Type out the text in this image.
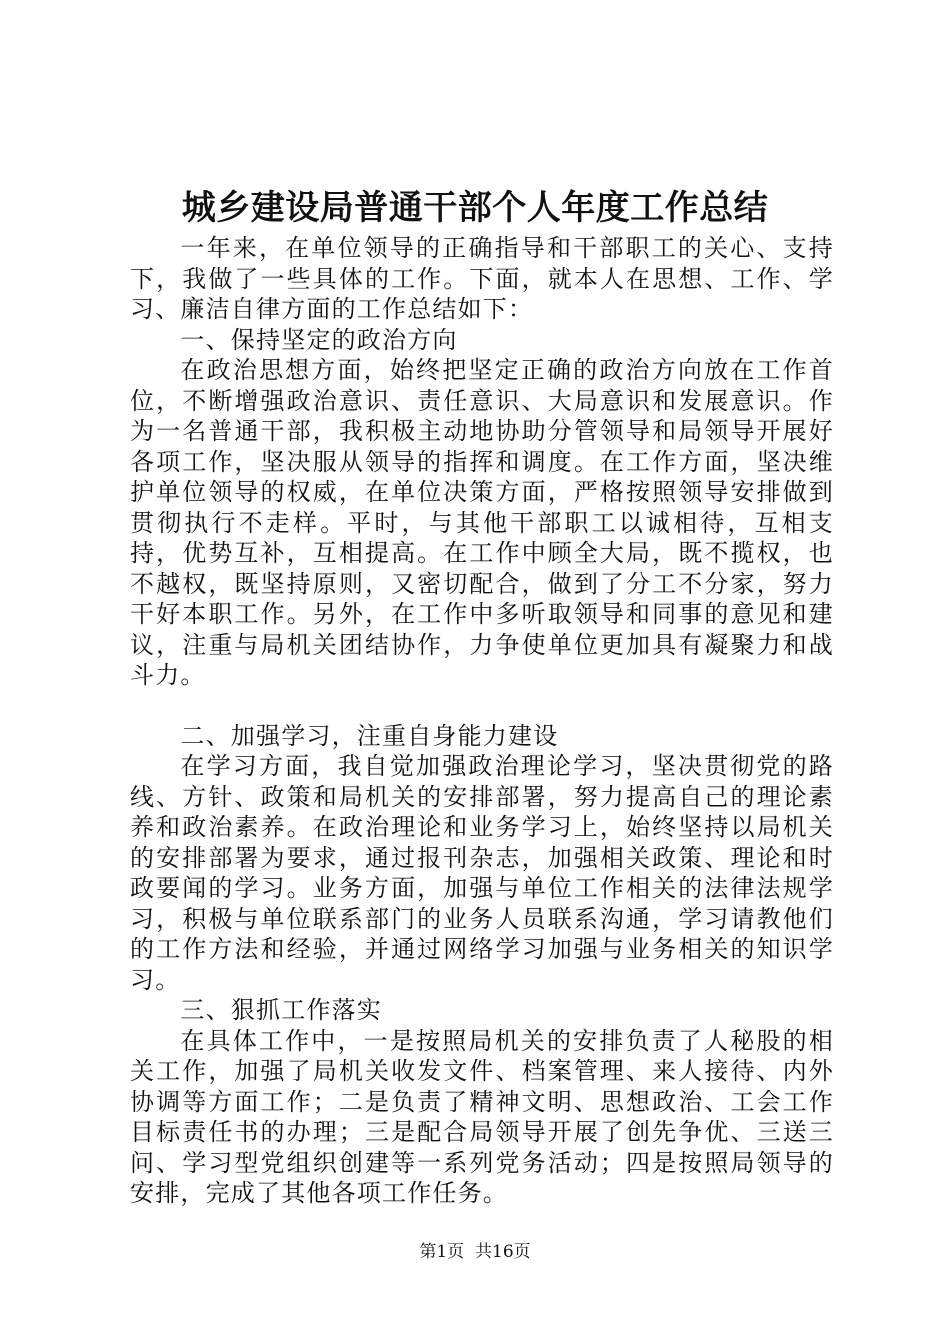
城乡建设局普通干部个人年度工作总结

一年来，在单位领导的正确指导和干部职工的关心、支持下，我做了一些具体的工作。下面，就本人在思想、工作、学习、廉洁自律方面的工作总结如下：

一、保持坚定的政治方向

在政治思想方面，始终把坚定正确的政治方向放在工作首位，不断增强政治意识、责任意识、大局意识和发展意识。作为一名普通干部，我积极主动地协助分管领导和局领导开展好各项工作，坚决服从领导的指挥和调度。在工作方面，坚决维护单位领导的权威，在单位决策方面，严格按照领导安排做到贯彻执行不走样。平时，与其他干部职工以诚相待，互相支持，优势互补，互相提高。在工作中顾全大局，既不揽权，也不越权，既坚持原则，又密切配合，做到了分工不分家，努力干好本职工作。另外，在工作中多听取领导和同事的意见和建议，注重与局机关团结协作，力争使单位更加具有凝聚力和战斗力。

二、加强学习，注重自身能力建设

在学习方面，我自觉加强政治理论学习，坚决贯彻党的路线、方针、政策和局机关的安排部署，努力提高自己的理论素养和政治素养。在政治理论和业务学习上，始终坚持以局机关的安排部署为要求，通过报刊杂志，加强相关政策、理论和时政要闻的学习。业务方面，加强与单位工作相关的法律法规学习，积极与单位联系部门的业务人员联系沟通，学习请教他们的工作方法和经验，并通过网络学习加强与业务相关的知识学习。

三、狠抓工作落实

在具体工作中，一是按照局机关的安排负责了人秘股的相关工作，加强了局机关收发文件、档案管理、来人接待、内外协调等方面工作；二是负责了精神文明、思想政治、工会工作目标责任书的办理；三是配合局领导开展了创先争优、三送三问、学习型党组织创建等一系列党务活动；四是按照局领导的安排，完成了其他各项工作任务。

第1页 共16页
